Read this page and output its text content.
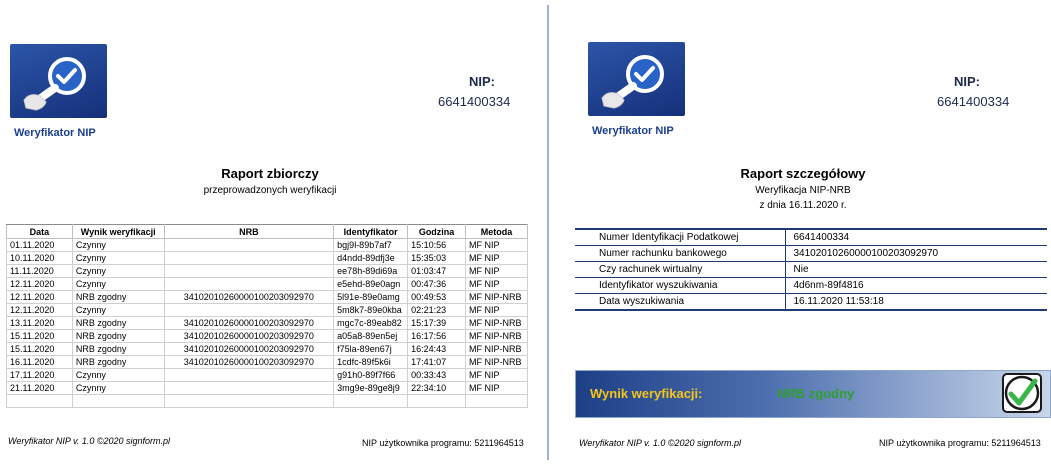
Weryfikator NIP
NIP:
6641400334
Raport zbiorczy
przeprowadzonych weryfikacji
Data	Wynik weryfikacji	NRB	Identyfikator	Godzina	Metoda
01.11.2020	Czynny		bgj9l-89b7af7	15:10:56	MF NIP
10.11.2020	Czynny		d4ndd-89dfj3e	15:35:03	MF NIP
11.11.2020	Czynny		ee78h-89di69a	01:03:47	MF NIP
12.11.2020	Czynny		e5ehd-89e0agn	00:47:36	MF NIP
12.11.2020	NRB zgodny	34102010260000100203092970	5l91e-89e0amg	00:49:53	MF NIP-NRB
12.11.2020	Czynny		5m8k7-89e0kba	02:21:23	MF NIP
13.11.2020	NRB zgodny	34102010260000100203092970	mgc7c-89eab82	15:17:39	MF NIP-NRB
15.11.2020	NRB zgodny	34102010260000100203092970	a05a8-89en5ej	16:17:56	MF NIP-NRB
15.11.2020	NRB zgodny	34102010260000100203092970	f75la-89en67j	16:24:43	MF NIP-NRB
16.11.2020	NRB zgodny	34102010260000100203092970	1cdfc-89f5k6i	17:41:07	MF NIP-NRB
17.11.2020	Czynny		g91h0-89f7f66	00:33:43	MF NIP
21.11.2020	Czynny		3mg9e-89ge8j9	22:34:10	MF NIP

Weryfikator NIP v. 1.0 ©2020 signform.pl	NIP użytkownika programu: 5211964513
Weryfikator NIP
NIP:
6641400334
Raport szczegółowy
Weryfikacja NIP-NRB
z dnia 16.11.2020 r.
Numer Identyfikacji Podatkowej	6641400334
Numer rachunku bankowego	34102010260000100203092970
Czy rachunek wirtualny	Nie
Identyfikator wyszukiwania	4d6nm-89f4816
Data wyszukiwania	16.11.2020 11:53:18
Wynik weryfikacji:	NRB zgodny
Weryfikator NIP v. 1.0 ©2020 signform.pl	NIP użytkownika programu: 5211964513
